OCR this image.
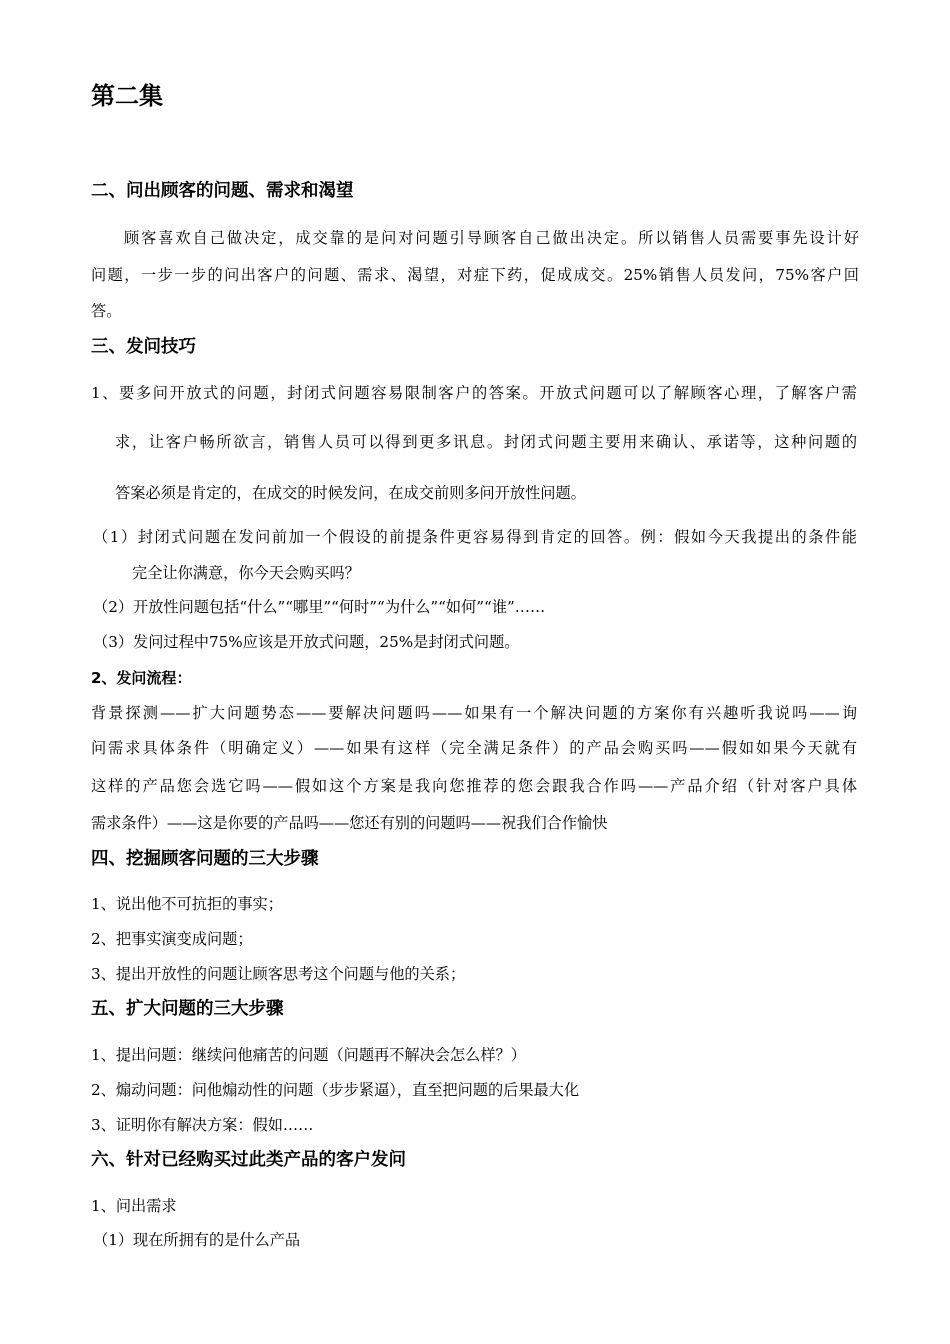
第二集
二、问出顾客的问题、需求和渴望
顾客喜欢自己做决定，成交靠的是问对问题引导顾客自己做出决定。所以销售人员需要事先设计好
问题，一步一步的问出客户的问题、需求、渴望，对症下药，促成成交。25%销售人员发问，75%客户回
答。
三、发问技巧
1、要多问开放式的问题，封闭式问题容易限制客户的答案。开放式问题可以了解顾客心理，了解客户需
求，让客户畅所欲言，销售人员可以得到更多讯息。封闭式问题主要用来确认、承诺等，这种问题的
答案必须是肯定的，在成交的时候发问，在成交前则多问开放性问题。
（1）封闭式问题在发问前加一个假设的前提条件更容易得到肯定的回答。例：假如今天我提出的条件能
完全让你满意，你今天会购买吗？
（2）开放性问题包括“什么”“哪里”“何时”“为什么”“如何”“谁”……
（3）发问过程中75%应该是开放式问题，25%是封闭式问题。
2、发问流程：
背景探测——扩大问题势态——要解决问题吗——如果有一个解决问题的方案你有兴趣听我说吗——询
问需求具体条件（明确定义）——如果有这样（完全满足条件）的产品会购买吗——假如如果今天就有
这样的产品您会选它吗——假如这个方案是我向您推荐的您会跟我合作吗——产品介绍（针对客户具体
需求条件）——这是你要的产品吗——您还有别的问题吗——祝我们合作愉快
四、挖掘顾客问题的三大步骤
1、说出他不可抗拒的事实；
2、把事实演变成问题；
3、提出开放性的问题让顾客思考这个问题与他的关系；
五、扩大问题的三大步骤
1、提出问题：继续问他痛苦的问题（问题再不解决会怎么样？）
2、煽动问题：问他煽动性的问题（步步紧逼），直至把问题的后果最大化
3、证明你有解决方案：假如……
六、针对已经购买过此类产品的客户发问
1、问出需求
（1）现在所拥有的是什么产品
